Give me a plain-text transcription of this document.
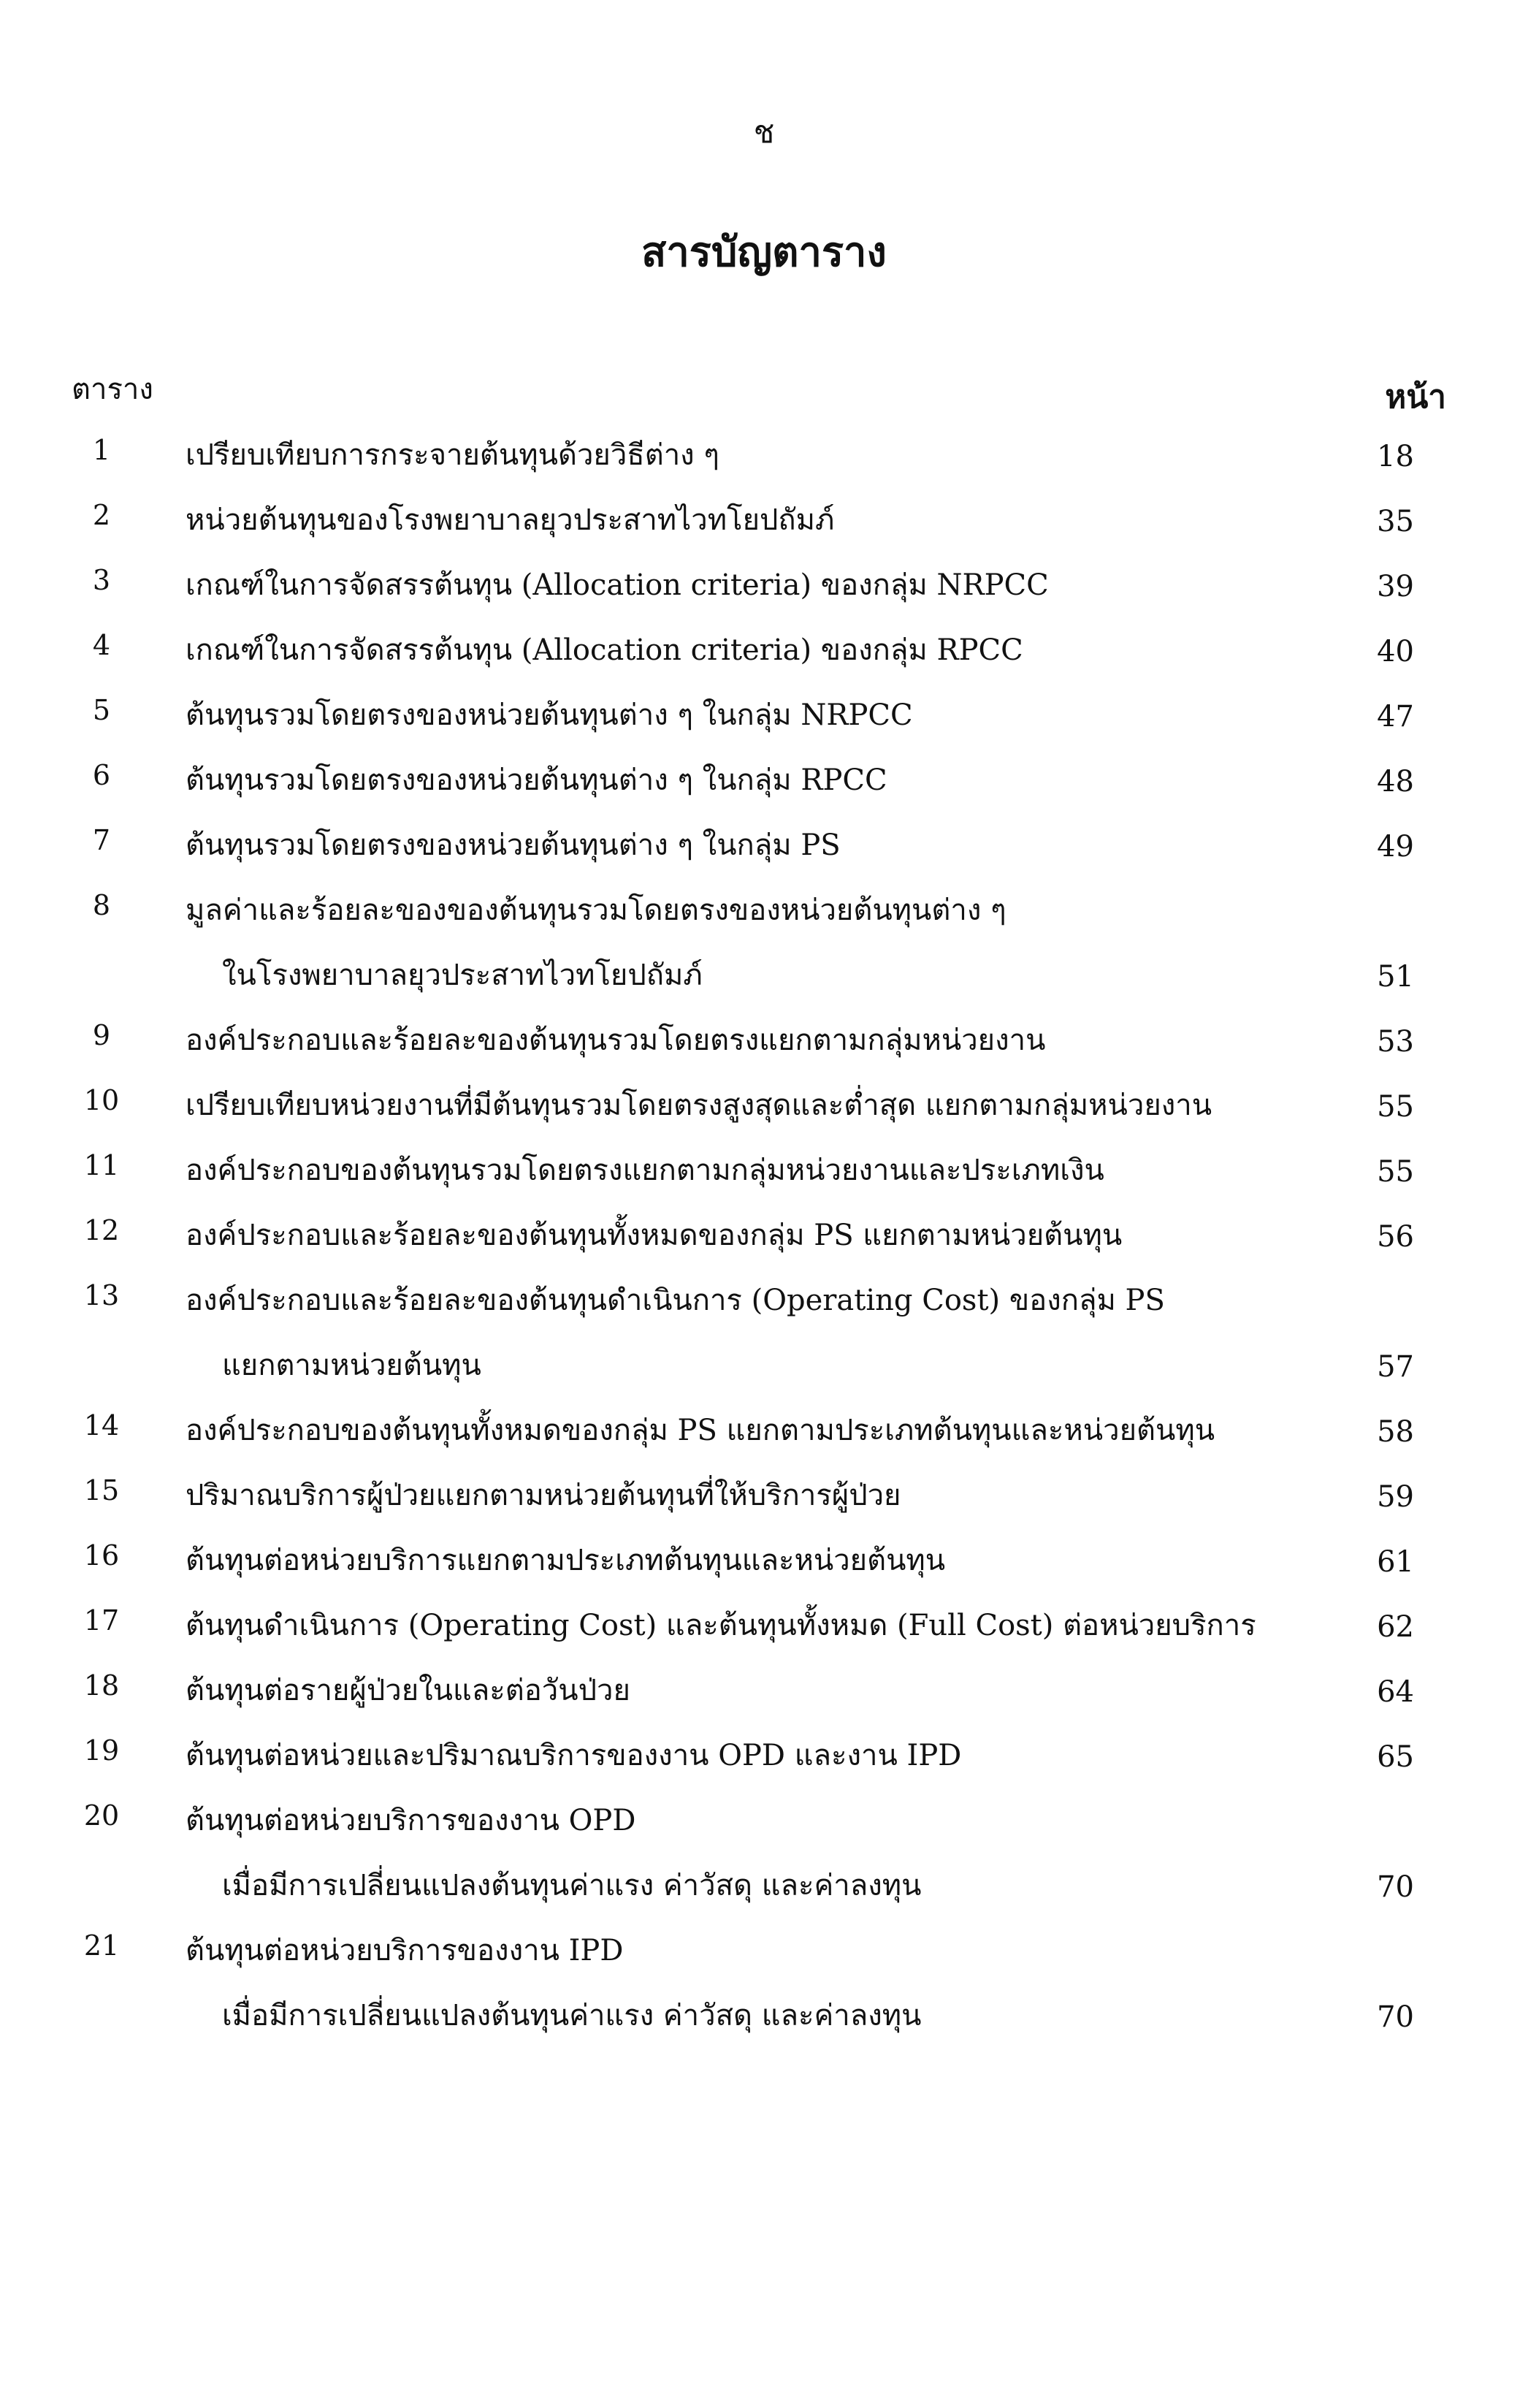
ช
สารบัญตาราง
ตาราง	หน้า
1	เปรียบเทียบการกระจายต้นทุนด้วยวิธีต่าง ๆ	18
2	หน่วยต้นทุนของโรงพยาบาลยุวประสาทไวทโยปถัมภ์	35
3	เกณฑ์ในการจัดสรรต้นทุน (Allocation criteria) ของกลุ่ม NRPCC	39
4	เกณฑ์ในการจัดสรรต้นทุน (Allocation criteria) ของกลุ่ม RPCC	40
5	ต้นทุนรวมโดยตรงของหน่วยต้นทุนต่าง ๆ ในกลุ่ม NRPCC	47
6	ต้นทุนรวมโดยตรงของหน่วยต้นทุนต่าง ๆ ในกลุ่ม RPCC	48
7	ต้นทุนรวมโดยตรงของหน่วยต้นทุนต่าง ๆ ในกลุ่ม PS	49
8	มูลค่าและร้อยละของของต้นทุนรวมโดยตรงของหน่วยต้นทุนต่าง ๆ
ในโรงพยาบาลยุวประสาทไวทโยปถัมภ์	51
9	องค์ประกอบและร้อยละของต้นทุนรวมโดยตรงแยกตามกลุ่มหน่วยงาน	53
10	เปรียบเทียบหน่วยงานที่มีต้นทุนรวมโดยตรงสูงสุดและต่ำสุด แยกตามกลุ่มหน่วยงาน	55
11	องค์ประกอบของต้นทุนรวมโดยตรงแยกตามกลุ่มหน่วยงานและประเภทเงิน	55
12	องค์ประกอบและร้อยละของต้นทุนทั้งหมดของกลุ่ม PS แยกตามหน่วยต้นทุน	56
13	องค์ประกอบและร้อยละของต้นทุนดำเนินการ (Operating Cost) ของกลุ่ม PS
แยกตามหน่วยต้นทุน	57
14	องค์ประกอบของต้นทุนทั้งหมดของกลุ่ม PS แยกตามประเภทต้นทุนและหน่วยต้นทุน	58
15	ปริมาณบริการผู้ป่วยแยกตามหน่วยต้นทุนที่ให้บริการผู้ป่วย	59
16	ต้นทุนต่อหน่วยบริการแยกตามประเภทต้นทุนและหน่วยต้นทุน	61
17	ต้นทุนดำเนินการ (Operating Cost) และต้นทุนทั้งหมด (Full Cost) ต่อหน่วยบริการ	62
18	ต้นทุนต่อรายผู้ป่วยในและต่อวันป่วย	64
19	ต้นทุนต่อหน่วยและปริมาณบริการของงาน OPD และงาน IPD	65
20	ต้นทุนต่อหน่วยบริการของงาน OPD
เมื่อมีการเปลี่ยนแปลงต้นทุนค่าแรง ค่าวัสดุ และค่าลงทุน	70
21	ต้นทุนต่อหน่วยบริการของงาน IPD
เมื่อมีการเปลี่ยนแปลงต้นทุนค่าแรง ค่าวัสดุ และค่าลงทุน	70
